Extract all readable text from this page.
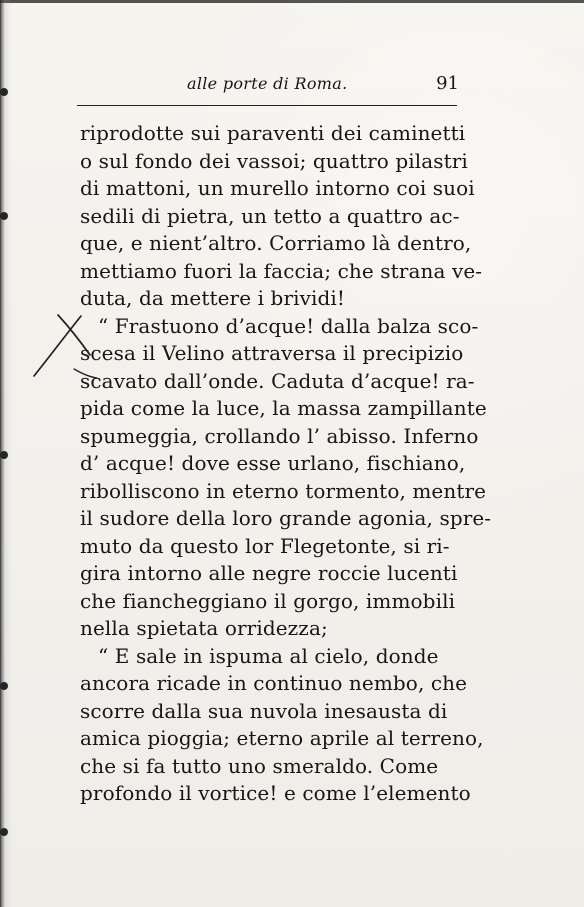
alle porte di Roma.	91
riprodotte sui paraventi dei caminetti
o sul fondo dei vassoi; quattro pilastri
di mattoni, un murello intorno coi suoi
sedili di pietra, un tetto a quattro ac-
que, e nient’altro. Corriamo là dentro,
mettiamo fuori la faccia; che strana ve-
duta, da mettere i brividi!
“ Frastuono d’acque! dalla balza sco-
scesa il Velino attraversa il precipizio
scavato dall’onde. Caduta d’acque! ra-
pida come la luce, la massa zampillante
spumeggia, crollando l’ abisso. Inferno
d’ acque! dove esse urlano, fischiano,
ribolliscono in eterno tormento, mentre
il sudore della loro grande agonia, spre-
muto da questo lor Flegetonte, si ri-
gira intorno alle negre roccie lucenti
che fiancheggiano il gorgo, immobili
nella spietata orridezza;
“ E sale in ispuma al cielo, donde
ancora ricade in continuo nembo, che
scorre dalla sua nuvola inesausta di
amica pioggia; eterno aprile al terreno,
che si fa tutto uno smeraldo. Come
profondo il vortice! e come l’elemento
